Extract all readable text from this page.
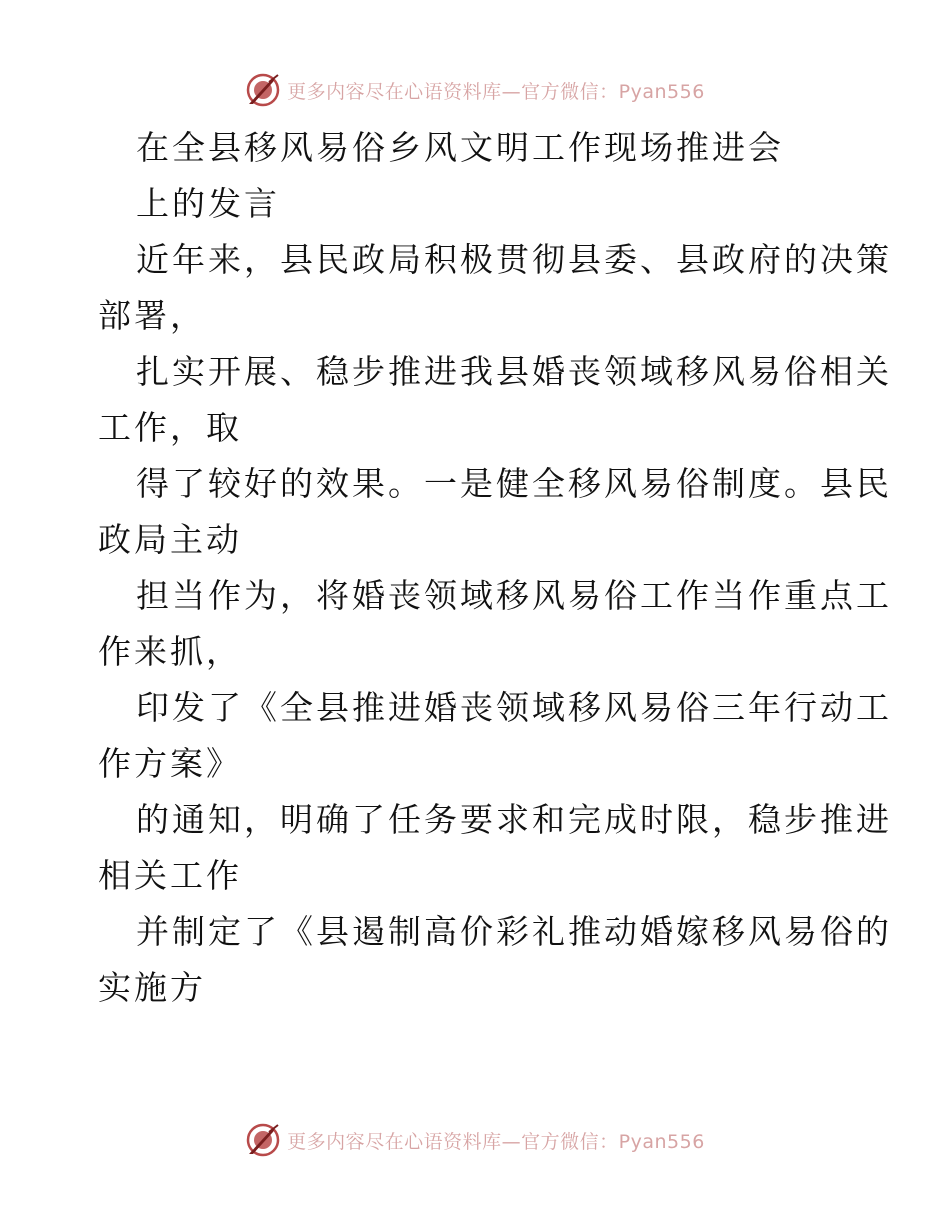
更多内容尽在心语资料库—官方微信：Pyan556
在全县移风易俗乡风文明工作现场推进会
上的发言
近年来，县民政局积极贯彻县委、县政府的决策
部署，
扎实开展、稳步推进我县婚丧领域移风易俗相关
工作，取
得了较好的效果。一是健全移风易俗制度。县民
政局主动
担当作为，将婚丧领域移风易俗工作当作重点工
作来抓，
印发了《全县推进婚丧领域移风易俗三年行动工
作方案》
的通知，明确了任务要求和完成时限，稳步推进
相关工作
并制定了《县遏制高价彩礼推动婚嫁移风易俗的
实施方
更多内容尽在心语资料库—官方微信：Pyan556
